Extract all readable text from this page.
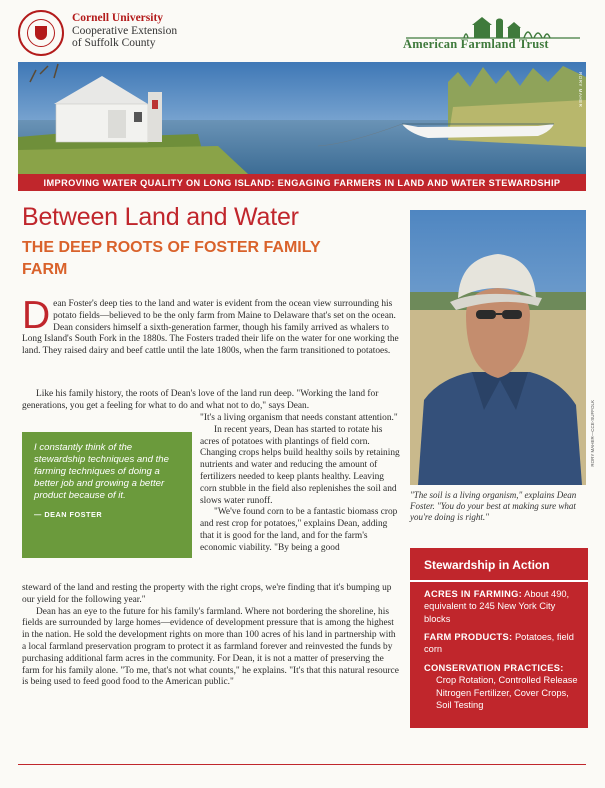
Cornell University
Cooperative Extension
of Suffolk County	American Farmland Trust
RORY MAHER
IMPROVING WATER QUALITY ON LONG ISLAND: ENGAGING FARMERS IN LAND AND WATER STEWARDSHIP
Between Land and Water
THE DEEP ROOTS OF FOSTER FAMILY FARM
Dean Foster's deep ties to the land and water is evident from the ocean view surrounding his potato fields—believed to be the only farm from Maine to Delaware that's set on the ocean. Dean considers himself a sixth-generation farmer, though his family arrived as whalers to Long Island's South Fork in the 1880s. The Fosters traded their life on the water for one working the land. They raised dairy and beef cattle until the late 1800s, when the farm transitioned to potatoes.
Like his family history, the roots of Dean's love of the land run deep. "Working the land for generations, you get a feeling for what to do and what not to do," says Dean.
I constantly think of the stewardship techniques and the farming techniques of doing a better job and growing a better product because of it.
— DEAN FOSTER

"It's a living organism that needs constant attention."

In recent years, Dean has started to rotate his acres of potatoes with plantings of field corn. Changing crops helps build healthy soils by retaining nutrients and water and reducing the amount of fertilizers needed to keep plants healthy. Leaving corn stubble in the field also replenishes the soil and slows water runoff.

"We've found corn to be a fantastic biomass crop and rest crop for potatoes," explains Dean, adding that it is good for the land, and for the farm's economic viability. "By being a good

steward of the land and resting the property with the right crops, we're finding that it's bumping up our yield for the following year."

Dean has an eye to the future for his family's farmland. Where not bordering the shoreline, his fields are surrounded by large homes—evidence of development pressure that is among the highest in the nation. He sold the development rights on more than 100 acres of his land in partnership with a local farmland preservation program to protect it as farmland forever and reinvested the funds by purchasing additional farm acres in the community. For Dean, it is not a matter of preserving the farm for his family alone. "To me, that's not what counts," he explains. "It's that this natural resource is being used to feed good food to the American public."

RORY MAHER—CCE-SUFFOLK
"The soil is a living organism," explains Dean Foster. "You do your best at making sure what you're doing is right."
Stewardship in Action
ACRES IN FARMING: About 490, equivalent to 245 New York City blocks
FARM PRODUCTS: Potatoes, field corn
CONSERVATION PRACTICES:
Crop Rotation, Controlled Release Nitrogen Fertilizer, Cover Crops, Soil Testing
